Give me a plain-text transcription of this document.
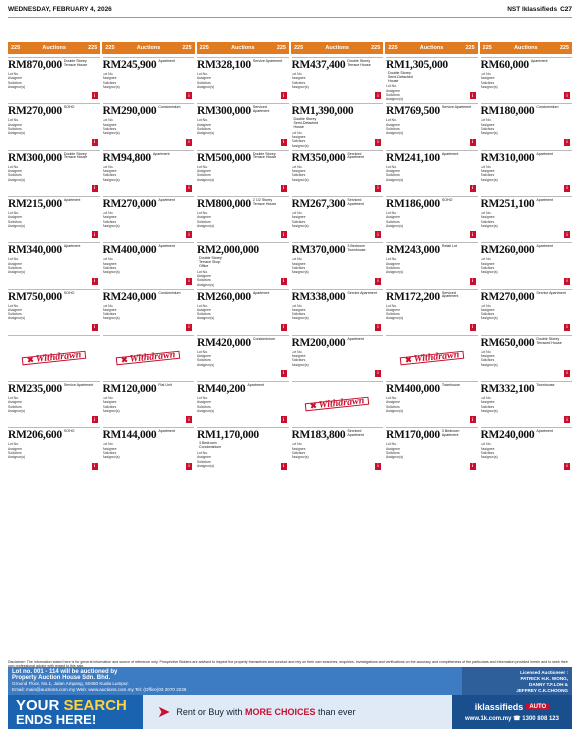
WEDNESDAY, FEBRUARY 4, 2026	NST Iklassifieds C27
225	Auctions	225 225	Auctions	225 225	Auctions	225 225	Auctions	225 225	Auctions	225 225	Auctions	225
RM870,000 Double Storey Terrace House
Lot No.
Assignee
Solicitors
Assignor(s)
i
RM245,900 Apartment
Lot No.
Assignee
Solicitors
Assignor(s)
i
RM328,100 Service Apartment
Lot No.
Assignee
Solicitors
Assignor(s)
i
RM437,400 Double Storey Terrace House
Lot No.
Assignee
Solicitors
Assignor(s)
i
RM1,305,000Double Storey Semi-Detached House
Lot No.
Assignee
Solicitors
Assignor(s)
i
RM60,000 Apartment
Lot No.
Assignee
Solicitors
Assignor(s)
i
RM270,000 SOHO
Lot No.
Assignee
Solicitors
Assignor(s)
i
RM290,000 Condominium
Lot No.
Assignee
Solicitors
Assignor(s)
i
RM300,000 Serviced Apartment
Lot No.
Assignee
Solicitors
Assignor(s)
i
RM1,390,000Double Storey Semi-Detached House
Lot No.
Assignee
Solicitors
Assignor(s)
i
RM769,500 Service Apartment
Lot No.
Assignee
Solicitors
Assignor(s)
i
RM180,000 Condominium
Lot No.
Assignee
Solicitors
Assignor(s)
i
RM300,000 Double Storey Terrace House
Lot No.
Assignee
Solicitors
Assignor(s)
i
RM94,800 Apartment
Lot No.
Assignee
Solicitors
Assignor(s)
i
RM500,000 Double Storey Terrace House
Lot No.
Assignee
Solicitors
Assignor(s)
i
RM350,000 Serviced Apartment
Lot No.
Assignee
Solicitors
Assignor(s)
i
RM241,100 Apartment
Lot No.
Assignee
Solicitors
Assignor(s)
i
RM310,000 Apartment
Lot No.
Assignee
Solicitors
Assignor(s)
i
RM215,000 Apartment
Lot No.
Assignee
Solicitors
Assignor(s)
i
RM270,000 Apartment
Lot No.
Assignee
Solicitors
Assignor(s)
i
RM800,000 2 1/2 Storey Terrace House
Lot No.
Assignee
Solicitors
Assignor(s)
i
RM267,300 Serviced Apartment
Lot No.
Assignee
Solicitors
Assignor(s)
i
RM186,000 SOHO
Lot No.
Assignee
Solicitors
Assignor(s)
i
RM251,100 Apartment
Lot No.
Assignee
Solicitors
Assignor(s)
i
RM340,000 Apartment
Lot No.
Assignee
Solicitors
Assignor(s)
i
RM400,000 Apartment
Lot No.
Assignee
Solicitors
Assignor(s)
i
RM2,000,000Double Storey Terrace Shop Office
Lot No.
Assignee
Solicitors
Assignor(s)
i
RM370,000 3 Bedroom Townhouse
Lot No.
Assignee
Solicitors
Assignor(s)
i
RM243,000 Retail Lot
Lot No.
Assignee
Solicitors
Assignor(s)
i
RM260,000 Apartment
Lot No.
Assignee
Solicitors
Assignor(s)
i
RM750,000 SOHO
Lot No.
Assignee
Solicitors
Assignor(s)
i
RM240,000 Condominium
Lot No.
Assignee
Solicitors
Assignor(s)
i
RM260,000 Apartment
Lot No.
Assignee
Solicitors
Assignor(s)
i
RM338,000 Service Apartment
Lot No.
Assignee
Solicitors
Assignor(s)
i
RM172,200 Serviced Apartment
Lot No.
Assignee
Solicitors
Assignor(s)
i
RM270,000 Service Apartment
Lot No.
Assignee
Solicitors
Assignor(s)
i
✖ Withdrawn	✖ Withdrawn
RM420,000 Condominium
Lot No.
Assignee
Solicitors
Assignor(s)
i
RM200,000 Apartment
Lot No.
Assignee
Solicitors
Assignor(s)
i
✖ Withdrawn
RM650,000 Double Storey Terraced House
Lot No.
Assignee
Solicitors
Assignor(s)
i
RM235,000 Service Apartment
Lot No.
Assignee
Solicitors
Assignor(s)
i
RM120,000 Flat Unit
Lot No.
Assignee
Solicitors
Assignor(s)
i
RM40,200 Apartment
Lot No.
Assignee
Solicitors
Assignor(s)
i
✖ Withdrawn
RM400,000 Townhouse
Lot No.
Assignee
Solicitors
Assignor(s)
i
RM332,100 Townhouse
Lot No.
Assignee
Solicitors
Assignor(s)
i
RM206,600 SOHO
Lot No.
Assignee
Solicitors
Assignor(s)
i
RM144,000 Apartment
Lot No.
Assignee
Solicitors
Assignor(s)
i
RM1,170,0003 Bedroom Condominium
Lot No.
Assignee
Solicitors
Assignor(s)	i
RM183,800 Serviced Apartment
Lot No.
Assignee
Solicitors
Assignor(s)
i
RM170,000 3 Bedroom Apartment
Lot No.
Assignee
Solicitors
Assignor(s)
i
RM240,000 Apartment
Lot No.
Assignee
Solicitors
Assignor(s)
i
Disclaimer: The information stated here is for general information and source of reference only. Prospective Bidders are advised to inspect the property themselves and conduct and rely on their own searches, enquiries, investigations and verifications on the accuracy and completeness of the particulars and information provided herein and to seek their
Lot no. 001 - 114 will be auctioned by
Property Auction House Sdn. Bhd.
Ground Floor, No.1, Jalan Ampang, 50450 Kuala Lumpur.
Email: main@auctions.com.my Web: www.auctions.com.my Tel: (Office)03 2070 2226
Licensed Auctioneer :
PATRICK H.K. WONG,
DANNY T.F.LOH &
JEFFREY C.K.CHOONG
YOUR SEARCH
ENDS HERE!	➤ Rent or Buy with MORE CHOICES than ever	iklassifieds	AUTO
www.1k.com.my ☎ 1300 808 123
